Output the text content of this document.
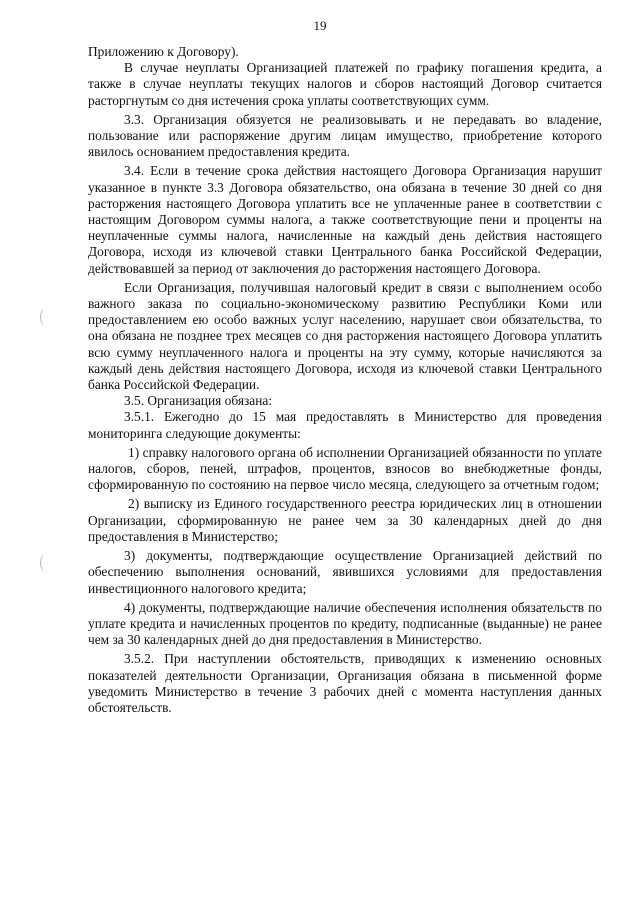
19

Приложению к Договору).

В случае неуплаты Организацией платежей по графику погашения кредита, а также в случае неуплаты текущих налогов и сборов настоящий Договор считается расторгнутым со дня истечения срока уплаты соответствующих сумм.

3.3. Организация обязуется не реализовывать и не передавать во владение, пользование или распоряжение другим лицам имущество, приобретение которого явилось основанием предоставления кредита.

3.4. Если в течение срока действия настоящего Договора Организация нарушит указанное в пункте 3.3 Договора обязательство, она обязана в течение 30 дней со дня расторжения настоящего Договора уплатить все не уплаченные ранее в соответствии с настоящим Договором суммы налога, а также соответствующие пени и проценты на неуплаченные суммы налога, начисленные на каждый день действия настоящего Договора, исходя из ключевой ставки Центрального банка Российской Федерации, действовавшей за период от заключения до расторжения настоящего Договора.

Если Организация, получившая налоговый кредит в связи с выполнением особо важного заказа по социально-экономическому развитию Республики Коми или предоставлением ею особо важных услуг населению, нарушает свои обязательства, то она обязана не позднее трех месяцев со дня расторжения настоящего Договора уплатить всю сумму неуплаченного налога и проценты на эту сумму, которые начисляются за каждый день действия настоящего Договора, исходя из ключевой ставки Центрального банка Российской Федерации.

3.5. Организация обязана:

3.5.1. Ежегодно до 15 мая предоставлять в Министерство для проведения мониторинга следующие документы:

1) справку налогового органа об исполнении Организацией обязанности по уплате налогов, сборов, пеней, штрафов, процентов, взносов во внебюджетные фонды, сформированную по состоянию на первое число месяца, следующего за отчетным годом;

2) выписку из Единого государственного реестра юридических лиц в отношении Организации, сформированную не ранее чем за 30 календарных дней до дня предоставления в Министерство;

3) документы, подтверждающие осуществление Организацией действий по обеспечению выполнения оснований, явившихся условиями для предоставления инвестиционного налогового кредита;

4) документы, подтверждающие наличие обеспечения исполнения обязательств по уплате кредита и начисленных процентов по кредиту, подписанные (выданные) не ранее чем за 30 календарных дней до дня предоставления в Министерство.

3.5.2. При наступлении обстоятельств, приводящих к изменению основных показателей деятельности Организации, Организация обязана в письменной форме уведомить Министерство в течение 3 рабочих дней с момента наступления данных обстоятельств.
